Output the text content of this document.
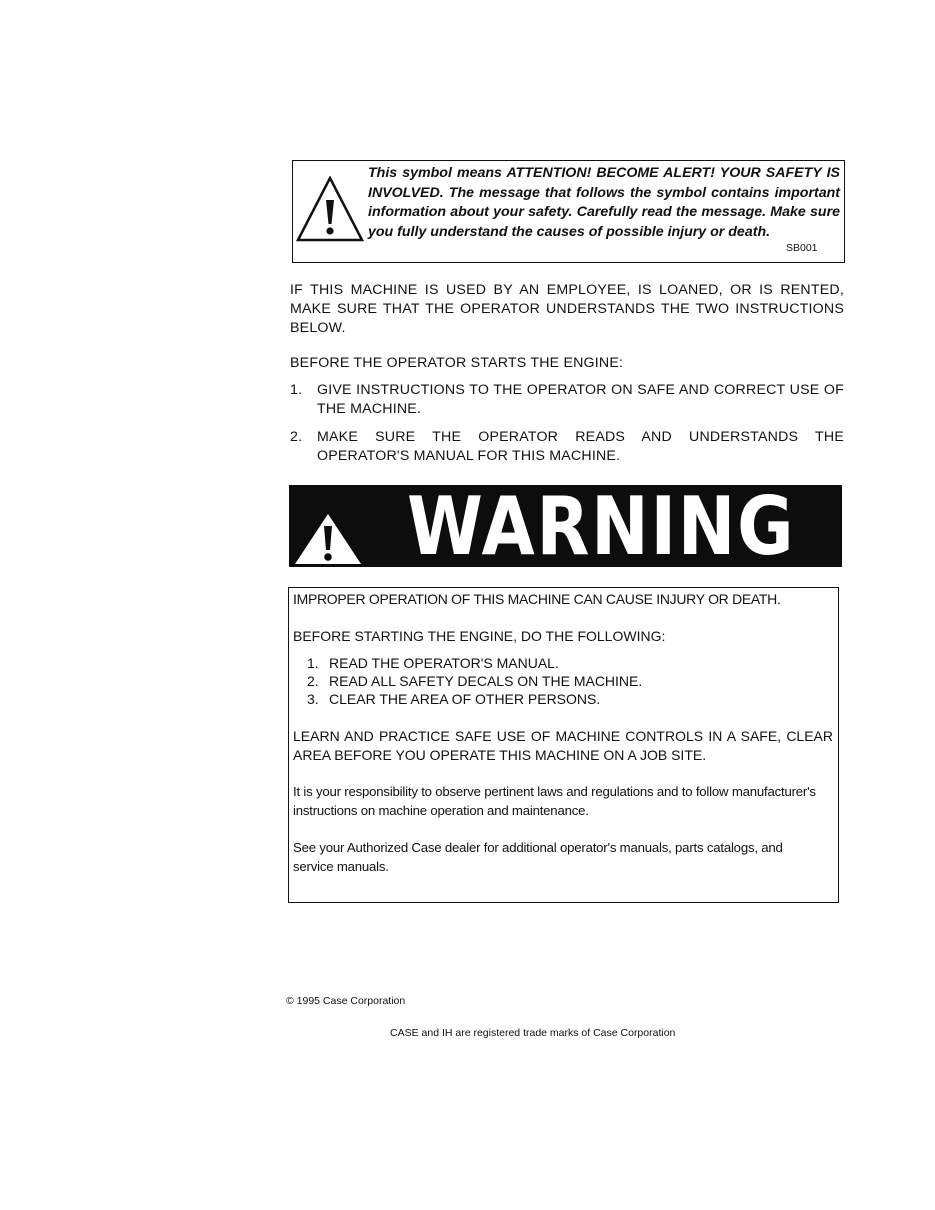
This symbol means ATTENTION! BECOME ALERT! YOUR SAFETY IS INVOLVED. The message that follows the symbol contains important information about your safety. Carefully read the message. Make sure you fully understand the causes of possible injury or death.
SB001
IF THIS MACHINE IS USED BY AN EMPLOYEE, IS LOANED, OR IS RENTED, MAKE SURE THAT THE OPERATOR UNDERSTANDS THE TWO INSTRUCTIONS BELOW.
BEFORE THE OPERATOR STARTS THE ENGINE:
1. GIVE INSTRUCTIONS TO THE OPERATOR ON SAFE AND CORRECT USE OF THE MACHINE.
2. MAKE SURE THE OPERATOR READS AND UNDERSTANDS THE OPERATOR'S MANUAL FOR THIS MACHINE.
WARNING
IMPROPER OPERATION OF THIS MACHINE CAN CAUSE INJURY OR DEATH.
BEFORE STARTING THE ENGINE, DO THE FOLLOWING:
1. READ THE OPERATOR'S MANUAL.
2. READ ALL SAFETY DECALS ON THE MACHINE.
3. CLEAR THE AREA OF OTHER PERSONS.
LEARN AND PRACTICE SAFE USE OF MACHINE CONTROLS IN A SAFE, CLEAR AREA BEFORE YOU OPERATE THIS MACHINE ON A JOB SITE.
It is your responsibility to observe pertinent laws and regulations and to follow manufacturer's instructions on machine operation and maintenance.
See your Authorized Case dealer for additional operator's manuals, parts catalogs, and service manuals.
© 1995 Case Corporation
CASE and IH are registered trade marks of Case Corporation
